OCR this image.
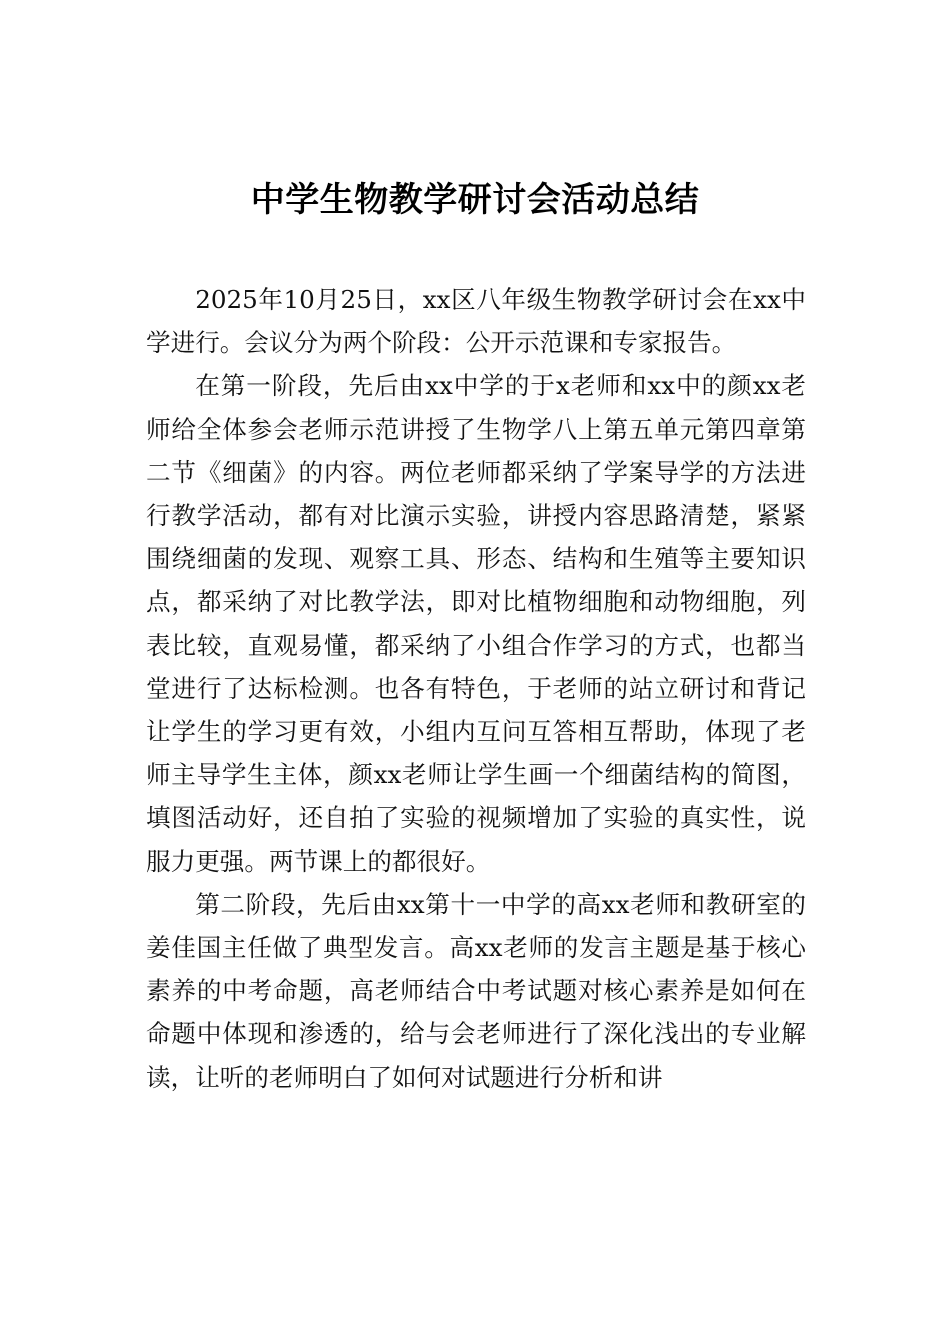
中学生物教学研讨会活动总结

2025年10月25日，xx区八年级生物教学研讨会在xx中学进行。会议分为两个阶段：公开示范课和专家报告。

在第一阶段，先后由xx中学的于x老师和xx中的颜xx老师给全体参会老师示范讲授了生物学八上第五单元第四章第二节《细菌》的内容。两位老师都采纳了学案导学的方法进行教学活动，都有对比演示实验，讲授内容思路清楚，紧紧围绕细菌的发现、观察工具、形态、结构和生殖等主要知识点，都采纳了对比教学法，即对比植物细胞和动物细胞，列表比较，直观易懂，都采纳了小组合作学习的方式，也都当堂进行了达标检测。也各有特色，于老师的站立研讨和背记让学生的学习更有效，小组内互问互答相互帮助，体现了老师主导学生主体，颜xx老师让学生画一个细菌结构的简图，填图活动好，还自拍了实验的视频增加了实验的真实性，说服力更强。两节课上的都很好。

第二阶段，先后由xx第十一中学的高xx老师和教研室的姜佳国主任做了典型发言。高xx老师的发言主题是基于核心素养的中考命题，高老师结合中考试题对核心素养是如何在命题中体现和渗透的，给与会老师进行了深化浅出的专业解读，让听的老师明白了如何对试题进行分析和讲
